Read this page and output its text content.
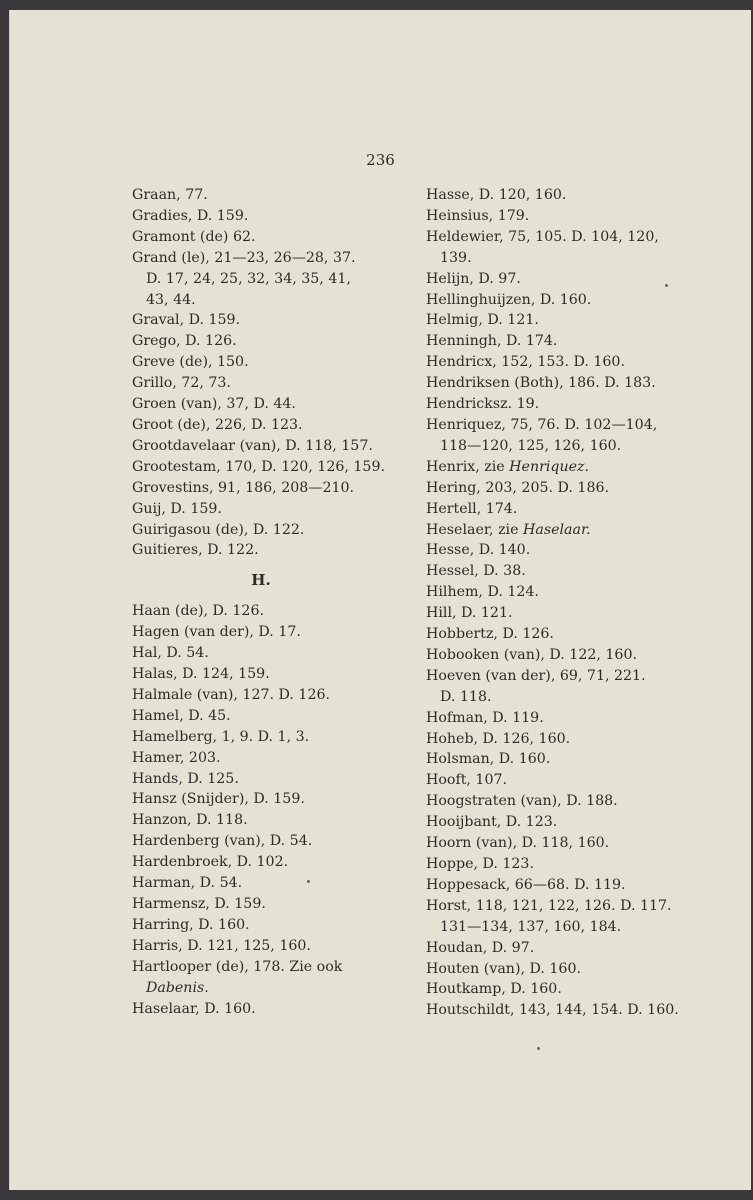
236
Graan, 77.
Gradies, D. 159.
Gramont (de) 62.
Grand (le), 21—23, 26—28, 37.
D. 17, 24, 25, 32, 34, 35, 41,
43, 44.
Graval, D. 159.
Grego, D. 126.
Greve (de), 150.
Grillo, 72, 73.
Groen (van), 37, D. 44.
Groot (de), 226, D. 123.
Grootdavelaar (van), D. 118, 157.
Grootestam, 170, D. 120, 126, 159.
Grovestins, 91, 186, 208—210.
Guij, D. 159.
Guirigasou (de), D. 122.
Guitieres, D. 122.
H.
Haan (de), D. 126.
Hagen (van der), D. 17.
Hal, D. 54.
Halas, D. 124, 159.
Halmale (van), 127. D. 126.
Hamel, D. 45.
Hamelberg, 1, 9. D. 1, 3.
Hamer, 203.
Hands, D. 125.
Hansz (Snijder), D. 159.
Hanzon, D. 118.
Hardenberg (van), D. 54.
Hardenbroek, D. 102.
Harman, D. 54.
Harmensz, D. 159.
Harring, D. 160.
Harris, D. 121, 125, 160.
Hartlooper (de), 178. Zie ook
Dabenis.
Haselaar, D. 160.
Hasse, D. 120, 160.
Heinsius, 179.
Heldewier, 75, 105. D. 104, 120,
139.
Helijn, D. 97.
Hellinghuijzen, D. 160.
Helmig, D. 121.
Henningh, D. 174.
Hendricx, 152, 153. D. 160.
Hendriksen (Both), 186. D. 183.
Hendricksz. 19.
Henriquez, 75, 76. D. 102—104,
118—120, 125, 126, 160.
Henrix, zie Henriquez.
Hering, 203, 205. D. 186.
Hertell, 174.
Heselaer, zie Haselaar.
Hesse, D. 140.
Hessel, D. 38.
Hilhem, D. 124.
Hill, D. 121.
Hobbertz, D. 126.
Hobooken (van), D. 122, 160.
Hoeven (van der), 69, 71, 221.
D. 118.
Hofman, D. 119.
Hoheb, D. 126, 160.
Holsman, D. 160.
Hooft, 107.
Hoogstraten (van), D. 188.
Hooijbant, D. 123.
Hoorn (van), D. 118, 160.
Hoppe, D. 123.
Hoppesack, 66—68. D. 119.
Horst, 118, 121, 122, 126. D. 117.
131—134, 137, 160, 184.
Houdan, D. 97.
Houten (van), D. 160.
Houtkamp, D. 160.
Houtschildt, 143, 144, 154. D. 160.
